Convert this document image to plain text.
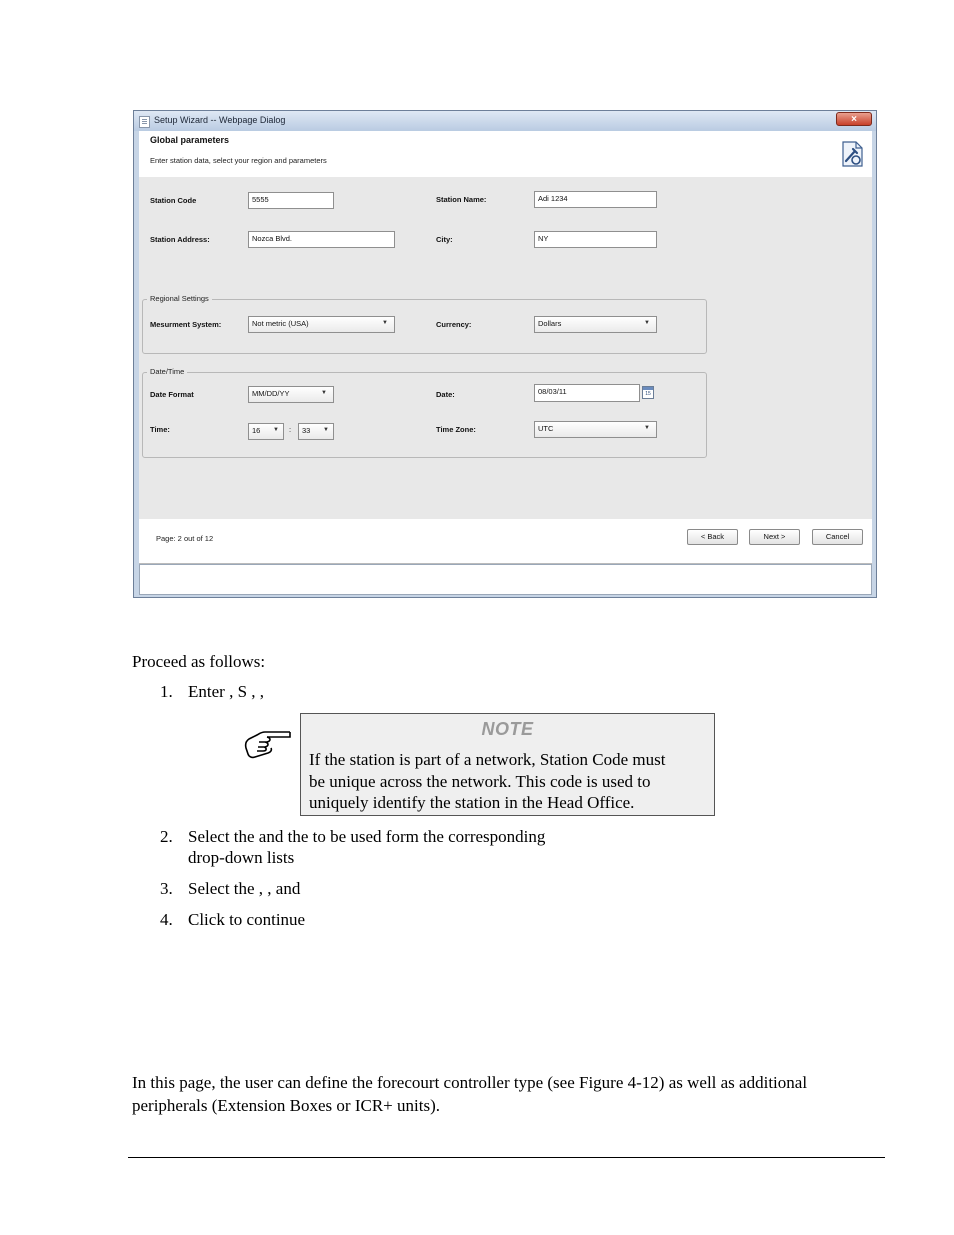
Setup Wizard -- Webpage Dialog	×
Global parameters
Enter station data, select your region and parameters
Station Code	5555	Station Name:	Adi 1234
Station Address:	Nozca Blvd.	City:	NY
Regional Settings
Mesurment System:	Not metric (USA)	▼	Currency:	Dollars	▼
Date/Time
Date Format	MM/DD/YY	▼	Date:	08/03/11	15
Time:	16 ▼ :	33 ▼	Time Zone:	UTC	▼
Page: 2 out of 12	< Back	Next >	Cancel
Proceed as follows:
1. Enter , S , ,
NOTE
If the station is part of a network, Station Code must
be unique across the network. This code is used to
uniquely identify the station in the Head Office.
2. Select the and the to be used form the corresponding
drop-down lists
3. Select the , , and
4. Click to continue
In this page, the user can define the forecourt controller type (see Figure 4-12) as well as additional
peripherals (Extension Boxes or ICR+ units).
